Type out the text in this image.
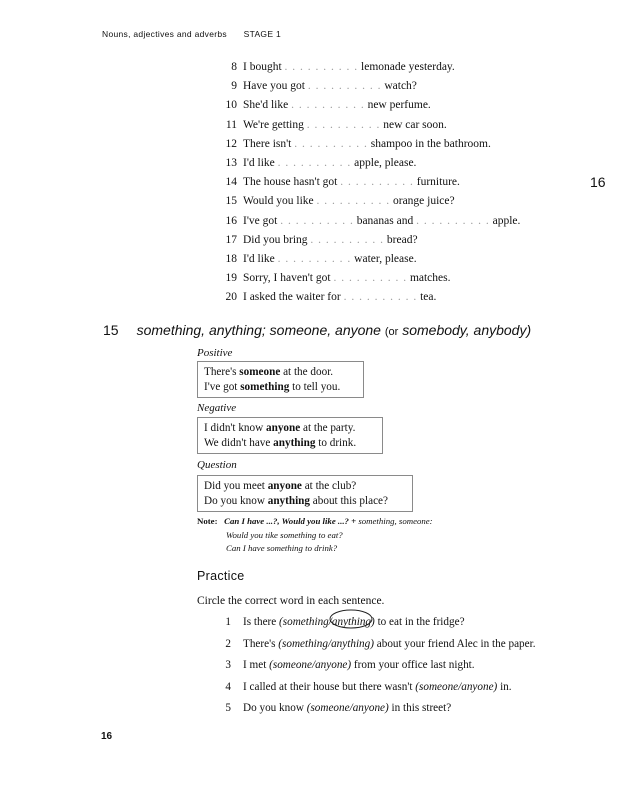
Nouns, adjectives and adverbs STAGE 1
16
8 I bought . . . . . . . . . . lemonade yesterday.
9 Have you got . . . . . . . . . . watch?
10 She'd like . . . . . . . . . . new perfume.
11 We're getting . . . . . . . . . . new car soon.
12 There isn't . . . . . . . . . . shampoo in the bathroom.
13 I'd like . . . . . . . . . . apple, please.
14 The house hasn't got . . . . . . . . . . furniture.
15 Would you like . . . . . . . . . . orange juice?
16 I've got . . . . . . . . . . bananas and . . . . . . . . . . apple.
17 Did you bring . . . . . . . . . . bread?
18 I'd like . . . . . . . . . . water, please.
19 Sorry, I haven't got . . . . . . . . . . matches.
20 I asked the waiter for . . . . . . . . . . tea.
15 something, anything; someone, anyone (or somebody, anybody)
Positive
There's someone at the door.
I've got something to tell you.
Negative
I didn't know anyone at the party.
We didn't have anything to drink.
Question
Did you meet anyone at the club?
Do you know anything about this place?
Note: Can I have ...?, Would you like ...? + something, someone:
Would you tike something to eat?
Can I have something to drink?
Practice
Circle the correct word in each sentence.
1 Is there (something/ anything) to eat in the fridge?
2 There's (something/anything) about your friend Alec in the paper.
3 I met (someone/anyone) from your office last night.
4 I called at their house but there wasn't (someone/anyone) in.
5 Do you know (someone/anyone) in this street?
16
